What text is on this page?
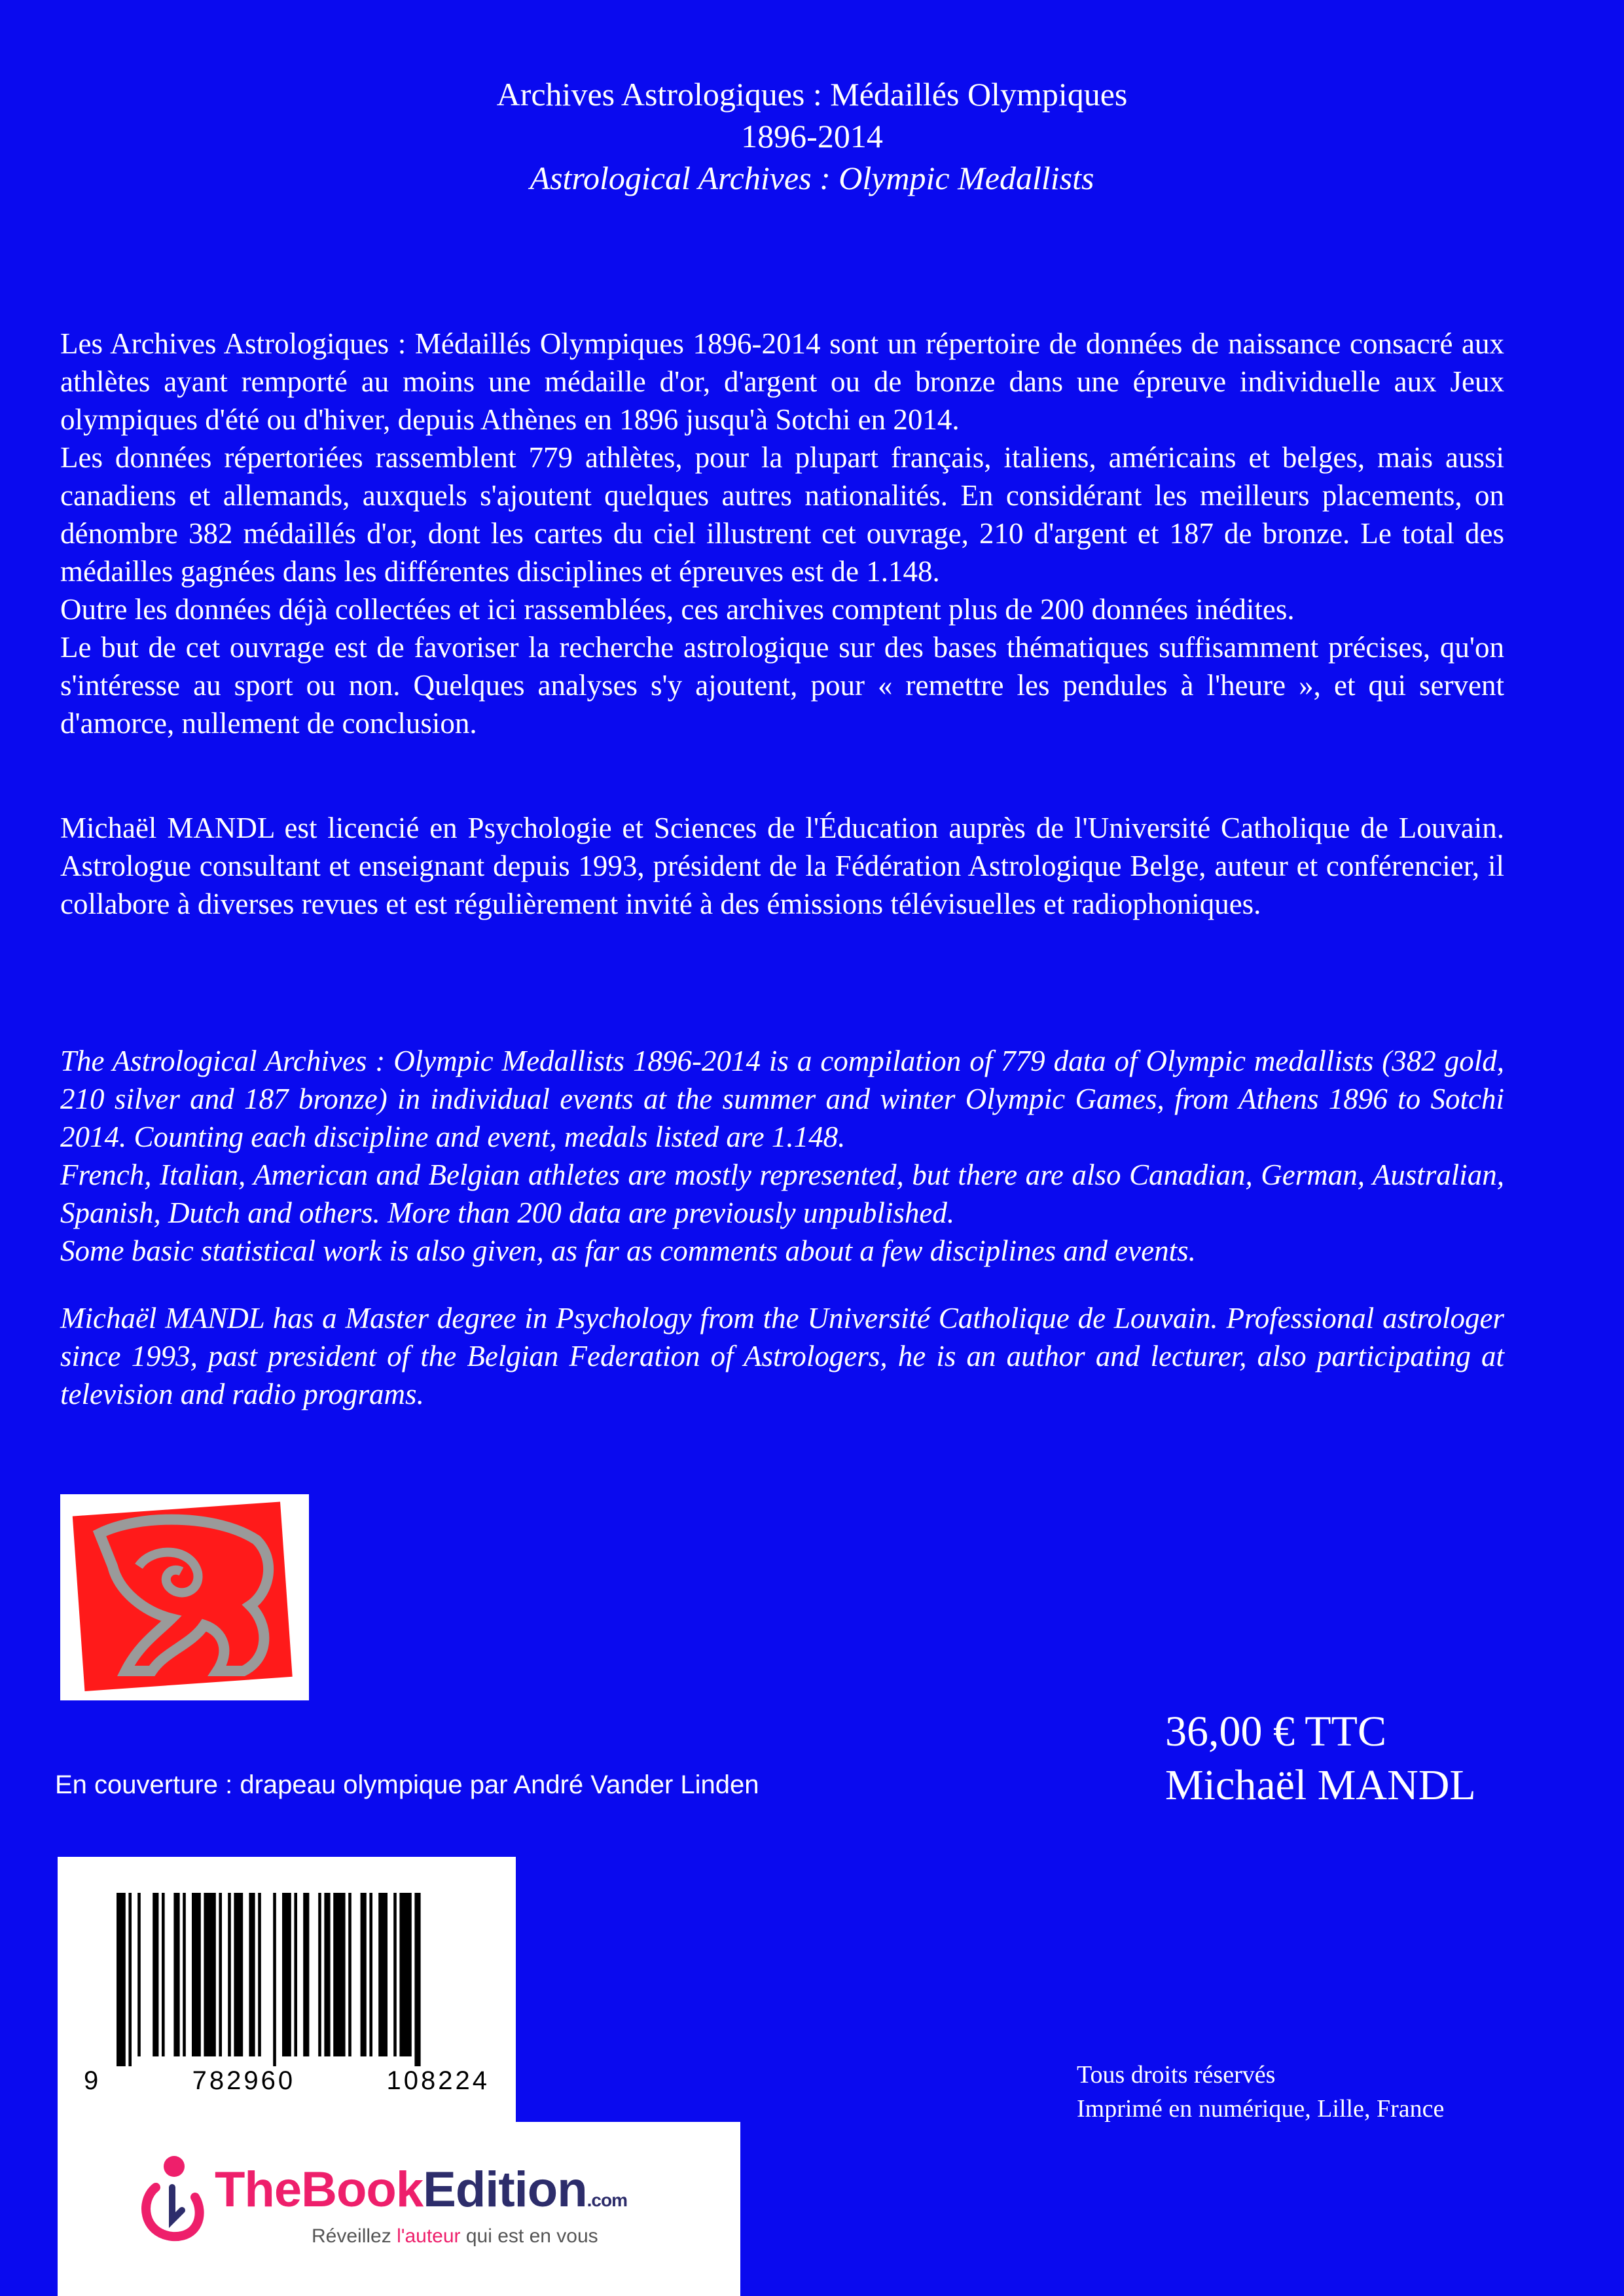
Archives Astrologiques : Médaillés Olympiques
1896-2014
Astrological Archives : Olympic Medallists
Les Archives Astrologiques : Médaillés Olympiques 1896-2014 sont un répertoire de données de naissance consacré aux athlètes ayant remporté au moins une médaille d'or, d'argent ou de bronze dans une épreuve individuelle aux Jeux olympiques d'été ou d'hiver, depuis Athènes en 1896 jusqu'à Sotchi en 2014.
Les données répertoriées rassemblent 779 athlètes, pour la plupart français, italiens, américains et belges, mais aussi canadiens et allemands, auxquels s'ajoutent quelques autres nationalités. En considérant les meilleurs placements, on dénombre 382 médaillés d'or, dont les cartes du ciel illustrent cet ouvrage, 210 d'argent et 187 de bronze. Le total des médailles gagnées dans les différentes disciplines et épreuves est de 1.148.
Outre les données déjà collectées et ici rassemblées, ces archives comptent plus de 200 données inédites.
Le but de cet ouvrage est de favoriser la recherche astrologique sur des bases thématiques suffisamment précises, qu'on s'intéresse au sport ou non. Quelques analyses s'y ajoutent, pour « remettre les pendules à l'heure », et qui servent d'amorce, nullement de conclusion.
Michaël MANDL est licencié en Psychologie et Sciences de l'Éducation auprès de l'Université Catholique de Louvain. Astrologue consultant et enseignant depuis 1993, président de la Fédération Astrologique Belge, auteur et conférencier, il collabore à diverses revues et est régulièrement invité à des émissions télévisuelles et radiophoniques.
The Astrological Archives : Olympic Medallists 1896-2014 is a compilation of 779 data of Olympic medallists (382 gold, 210 silver and 187 bronze) in individual events at the summer and winter Olympic Games, from Athens 1896 to Sotchi 2014. Counting each discipline and event, medals listed are 1.148.
French, Italian, American and Belgian athletes are mostly represented, but there are also Canadian, German, Australian, Spanish, Dutch and others. More than 200 data are previously unpublished.
Some basic statistical work is also given, as far as comments about a few disciplines and events.
Michaël MANDL has a Master degree in Psychology from the Université Catholique de Louvain. Professional astrologer since 1993, past president of the Belgian Federation of Astrologers, he is an author and lecturer, also participating at television and radio programs.
En couverture : drapeau olympique par André Vander Linden
36,00 € TTC
Michaël MANDL
9	782960	108224
TheBookEdition.com
Réveillez l'auteur qui est en vous
Tous droits réservés
Imprimé en numérique, Lille, France
